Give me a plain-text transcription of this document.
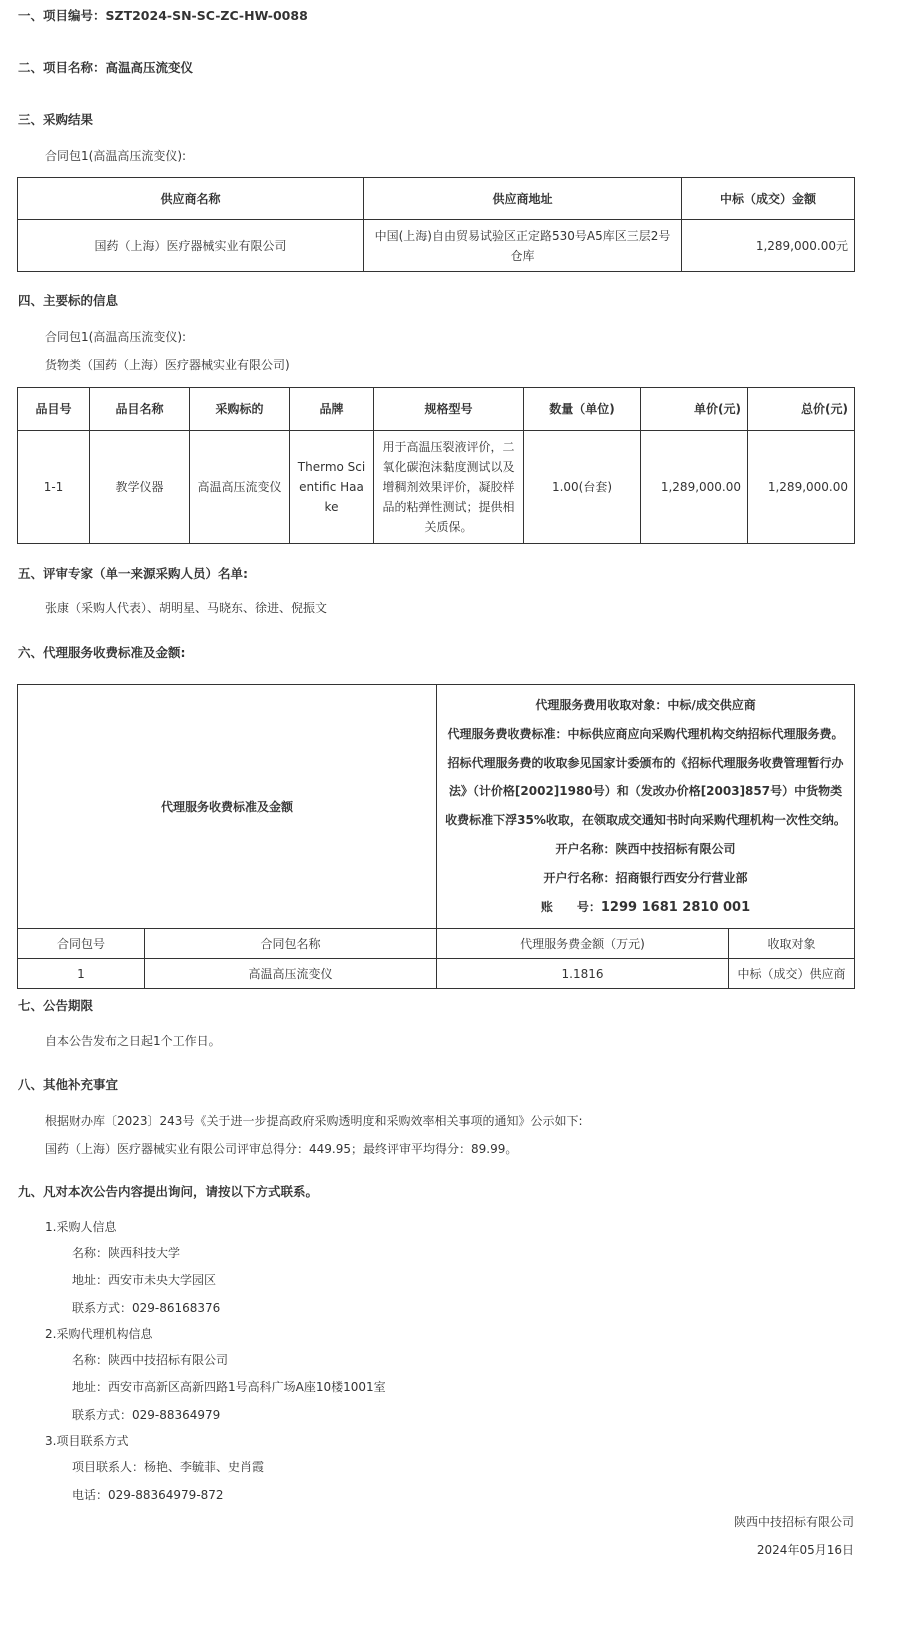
一、项目编号：SZT2024-SN-SC-ZC-HW-0088
二、项目名称：高温高压流变仪
三、采购结果
合同包1(高温高压流变仪):
供应商名称	供应商地址	中标（成交）金额
国药（上海）医疗器械实业有限公司	中国(上海)自由贸易试验区正定路530号A5库区三层2号仓库	1,289,000.00元
四、主要标的信息
合同包1(高温高压流变仪):
货物类（国药（上海）医疗器械实业有限公司)
品目号	品目名称	采购标的	品牌	规格型号	数量（单位)	单价(元)	总价(元)
1-1	教学仪器	高温高压流变仪	Thermo Scientific Haake	用于高温压裂液评价，二氧化碳泡沫黏度测试以及增稠剂效果评价，凝胶样品的粘弹性测试；提供相关质保。	1.00(台套)	1,289,000.00	1,289,000.00
五、评审专家（单一来源采购人员）名单:
张康（采购人代表）、胡明星、马晓东、徐进、倪振文
六、代理服务收费标准及金额:
代理服务收费标准及金额		代理服务费用收取对象：中标/成交供应商
代理服务费收费标准：中标供应商应向采购代理机构交纳招标代理服务费。招标代理服务费的收取参见国家计委颁布的《招标代理服务收费管理暂行办法》（计价格[2002]1980号）和（发改办价格[2003]857号）中货物类收费标准下浮35%收取，在领取成交通知书时向采购代理机构一次性交纳。
开户名称：陕西中技招标有限公司
开户行名称：招商银行西安分行营业部
账　　号：1299 1681 2810 001	

合同包号	合同包名称	代理服务费金额（万元)	收取对象
1	高温高压流变仪	1.1816	中标（成交）供应商
七、公告期限
自本公告发布之日起1个工作日。
八、其他补充事宜
根据财办库〔2023〕243号《关于进一步提高政府采购透明度和采购效率相关事项的通知》公示如下:
国药（上海）医疗器械实业有限公司评审总得分：449.95；最终评审平均得分：89.99。
九、凡对本次公告内容提出询问，请按以下方式联系。
1.采购人信息
名称：陕西科技大学
地址：西安市未央大学园区
联系方式：029-86168376
2.采购代理机构信息
名称：陕西中技招标有限公司
地址：西安市高新区高新四路1号高科广场A座10楼1001室
联系方式：029-88364979
3.项目联系方式
项目联系人：杨艳、李毓菲、史肖霞
电话：029-88364979-872
陕西中技招标有限公司
2024年05月16日
